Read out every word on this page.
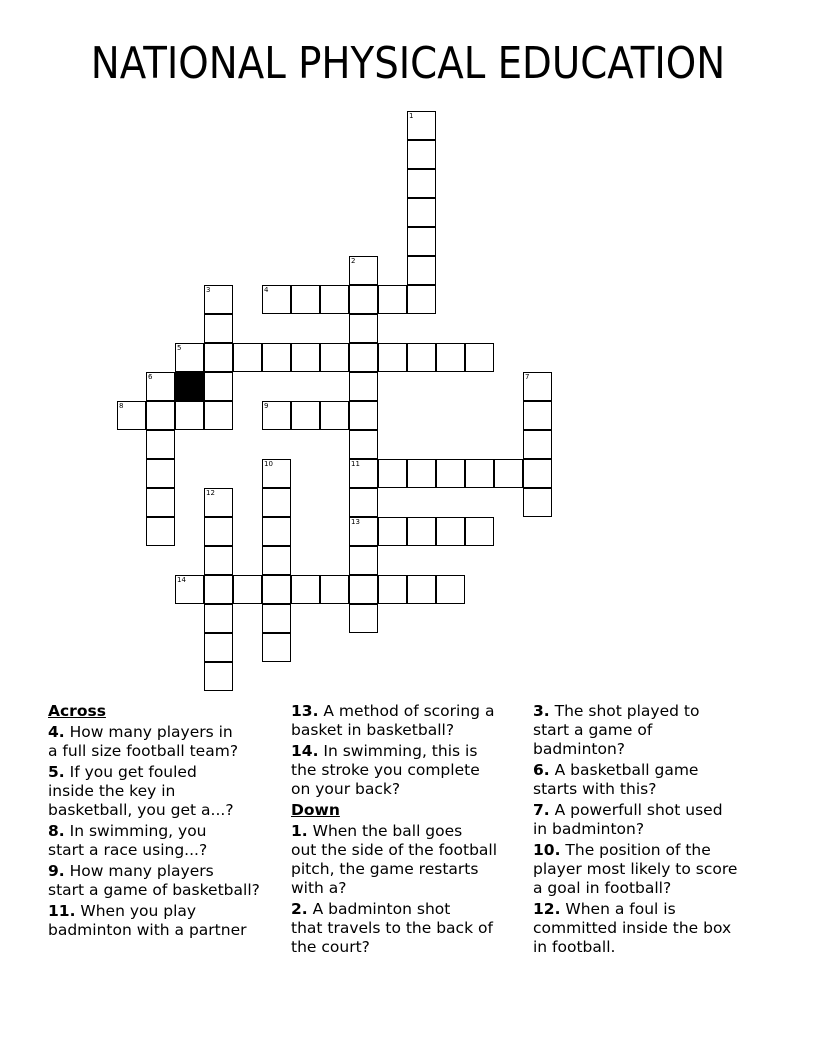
NATIONAL PHYSICAL EDUCATION
1
2
11
13
3
6	7
10
12
4
5
8	9
14
Across
4. How many players in
a full size football team?
5. If you get fouled
inside the key in
basketball, you get a...?
8. In swimming, you
start a race using...?
9. How many players
start a game of basketball?
11. When you play
badminton with a partner
13. A method of scoring a
basket in basketball?
14. In swimming, this is
the stroke you complete
on your back?
Down
1. When the ball goes
out the side of the football
pitch, the game restarts
with a?
2. A badminton shot
that travels to the back of
the court?
3. The shot played to
start a game of
badminton?
6. A basketball game
starts with this?
7. A powerfull shot used
in badminton?
10. The position of the
player most likely to score
a goal in football?
12. When a foul is
committed inside the box
in football.
